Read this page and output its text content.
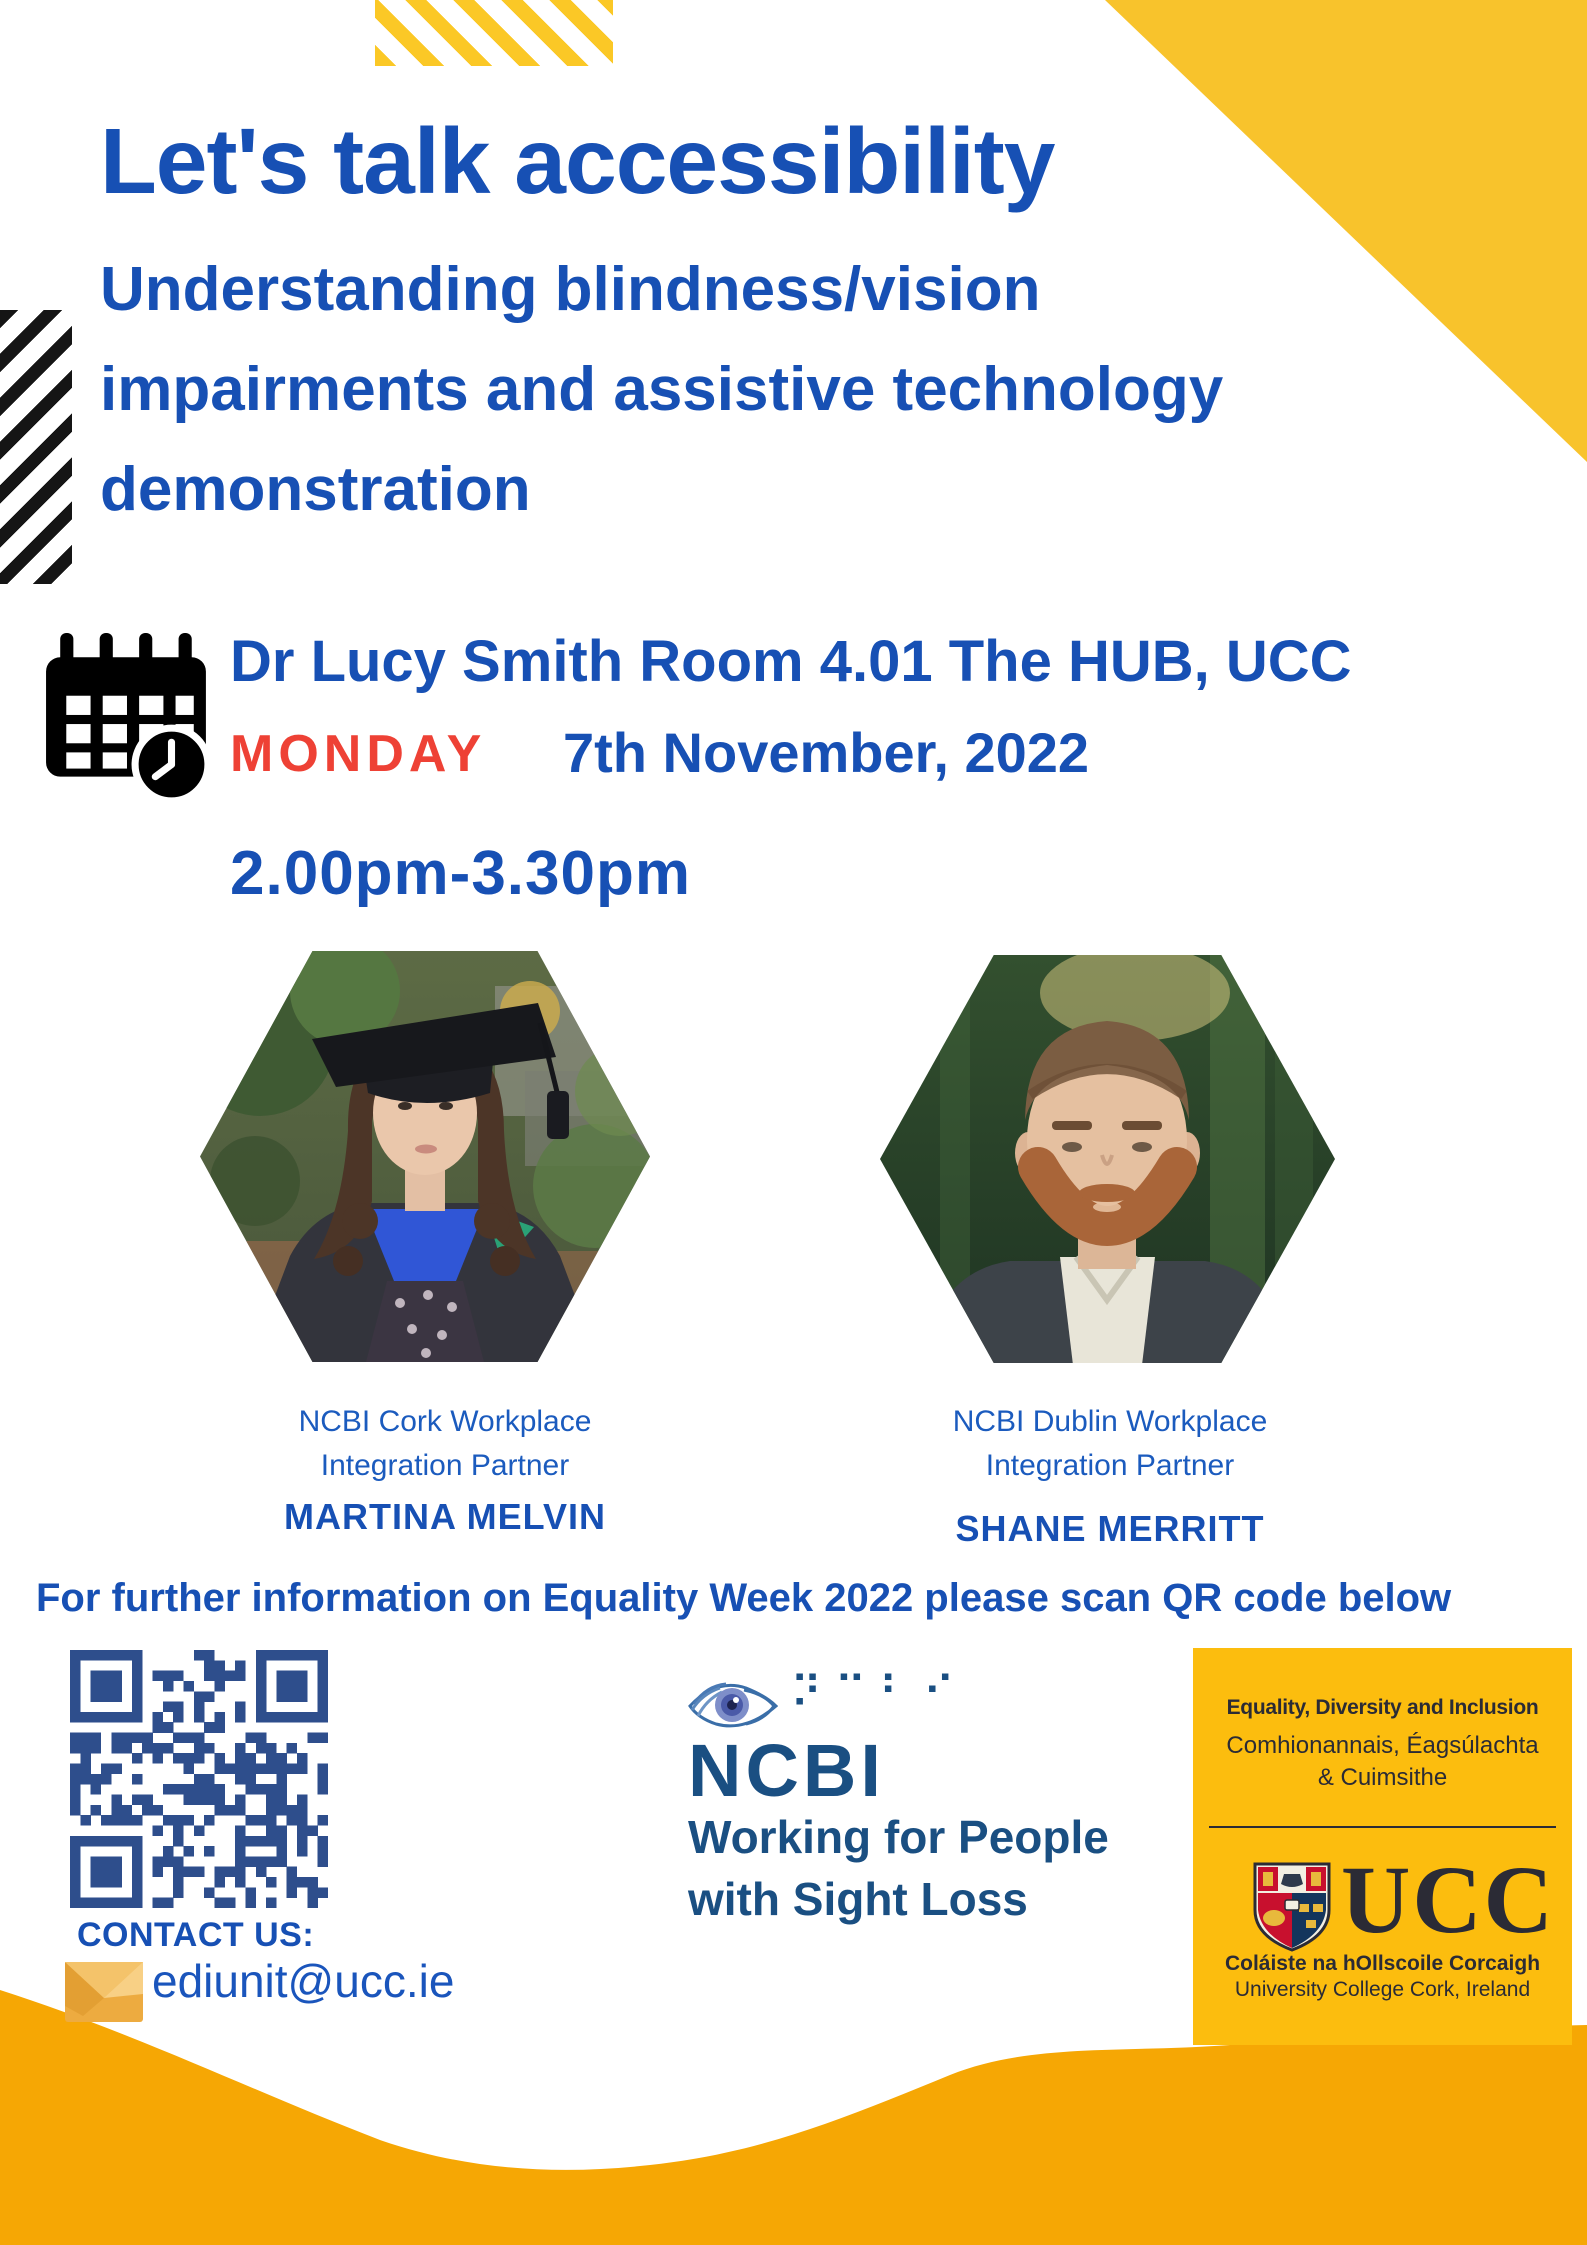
Let's talk accessibility
Understanding blindness/vision
impairments and assistive technology
demonstration
Dr Lucy Smith Room 4.01 The HUB, UCC
MONDAY 7th November, 2022
2.00pm-3.30pm
NCBI Cork Workplace
Integration Partner
NCBI Dublin Workplace
Integration Partner
MARTINA MELVIN	SHANE MERRITT
For further information on Equality Week 2022 please scan QR code below
⠝⠉⠃⠊
NCBI
Working for People
with Sight Loss
Equality, Diversity and Inclusion
Comhionannais, Éagsúlachta
& Cuimsithe
UCC
Coláiste na hOllscoile Corcaigh
University College Cork, Ireland
CONTACT US:
ediunit@ucc.ie
